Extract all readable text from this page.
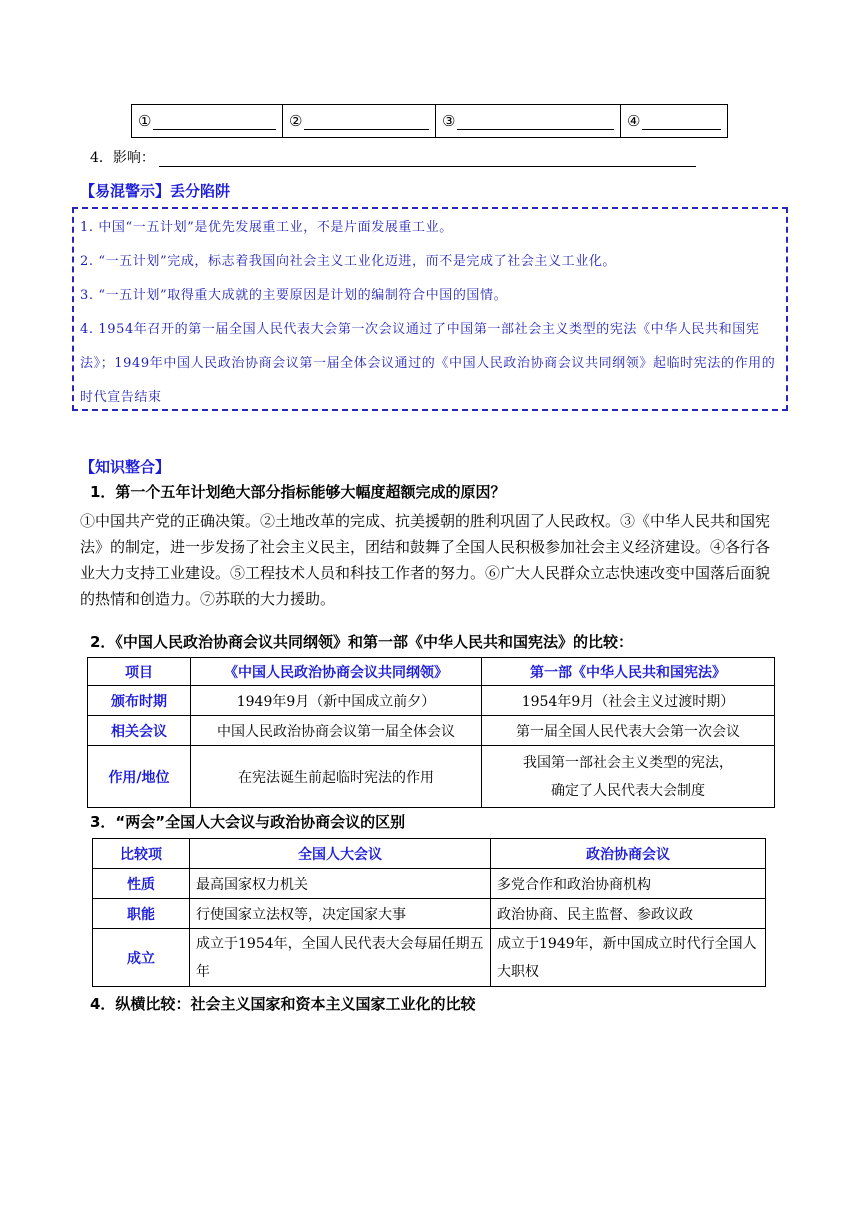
①	②	③	④
4．影响：
【易混警示】丢分陷阱
1. 中国“一五计划”是优先发展重工业，不是片面发展重工业。
2. “一五计划”完成，标志着我国向社会主义工业化迈进，而不是完成了社会主义工业化。
3. “一五计划”取得重大成就的主要原因是计划的编制符合中国的国情。
4. 1954年召开的第一届全国人民代表大会第一次会议通过了中国第一部社会主义类型的宪法《中华人民共和国宪法》；1949年中国人民政治协商会议第一届全体会议通过的《中国人民政治协商会议共同纲领》起临时宪法的作用的时代宣告结束
【知识整合】
1．第一个五年计划绝大部分指标能够大幅度超额完成的原因？
①中国共产党的正确决策。②土地改革的完成、抗美援朝的胜利巩固了人民政权。③《中华人民共和国宪法》的制定，进一步发扬了社会主义民主，团结和鼓舞了全国人民积极参加社会主义经济建设。④各行各业大力支持工业建设。⑤工程技术人员和科技工作者的努力。⑥广大人民群众立志快速改变中国落后面貌的热情和创造力。⑦苏联的大力援助。
2．《中国人民政治协商会议共同纲领》和第一部《中华人民共和国宪法》的比较：
项目	《中国人民政治协商会议共同纲领》	第一部《中华人民共和国宪法》
颁布时期	1949年9月（新中国成立前夕）	1954年9月（社会主义过渡时期）
相关会议	中国人民政治协商会议第一届全体会议	第一届全国人民代表大会第一次会议
作用/地位	在宪法诞生前起临时宪法的作用	我国第一部社会主义类型的宪法，
确定了人民代表大会制度
3．“两会”全国人大会议与政治协商会议的区别
比较项	全国人大会议	政治协商会议
性质	最高国家权力机关	多党合作和政治协商机构
职能	行使国家立法权等，决定国家大事	政治协商、民主监督、参政议政
成立	成立于1954年，全国人民代表大会每届任期五年	成立于1949年，新中国成立时代行全国人大职权
4．纵横比较：社会主义国家和资本主义国家工业化的比较
